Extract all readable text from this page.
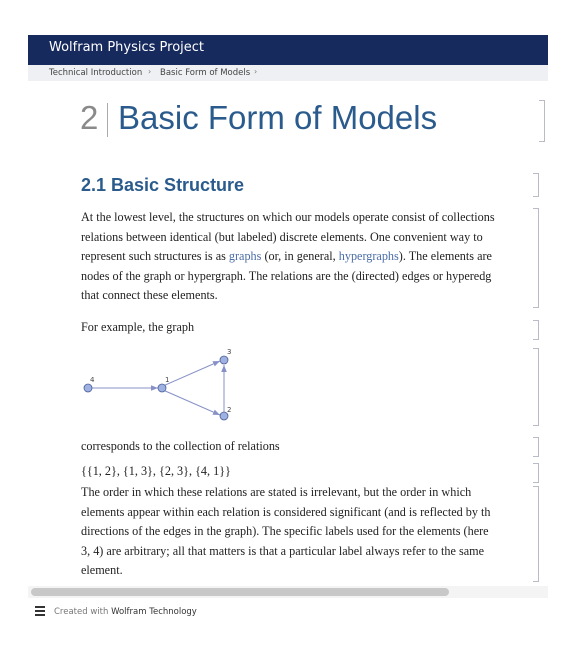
Wolfram Physics Project
Technical Introduction › Basic Form of Models ›
2 Basic Form of Models
2.1 Basic Structure
At the lowest level, the structures on which our models operate consist of collections
relations between identical (but labeled) discrete elements. One convenient way to
represent such structures is as graphs (or, in general, hypergraphs). The elements are
nodes of the graph or hypergraph. The relations are the (directed) edges or hyperedg
that connect these elements.
For example, the graph
4	1
3
2
corresponds to the collection of relations
{{1, 2}, {1, 3}, {2, 3}, {4, 1}}
The order in which these relations are stated is irrelevant, but the order in which
elements appear within each relation is considered significant (and is reflected by th
directions of the edges in the graph). The specific labels used for the elements (here
3, 4) are arbitrary; all that matters is that a particular label always refer to the same
element.
Created with Wolfram Technology
